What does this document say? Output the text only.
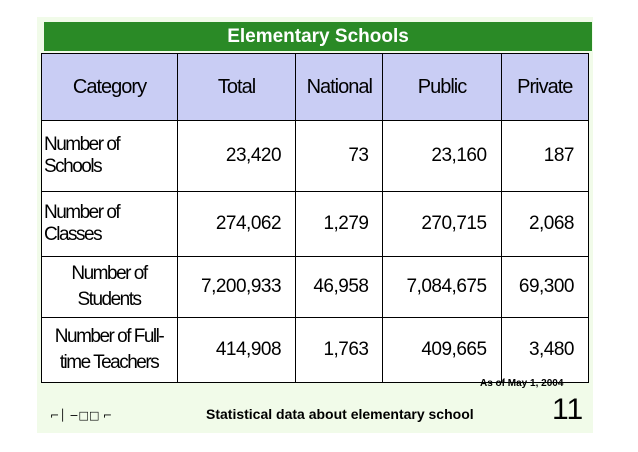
Elementary Schools
Category	Total	National	Public	Private
Number of Schools	23,420	73	23,160	187
Number of Classes	274,062	1,279	270,715	2,068

Number of
Students	7,200,933	46,958	7,084,675	69,300

Number of Full-
time Teachers	414,908	1,763	409,665	3,480
As of May 1, 2004
⌐│ −□□ ⌐	Statistical data about elementary school	11
